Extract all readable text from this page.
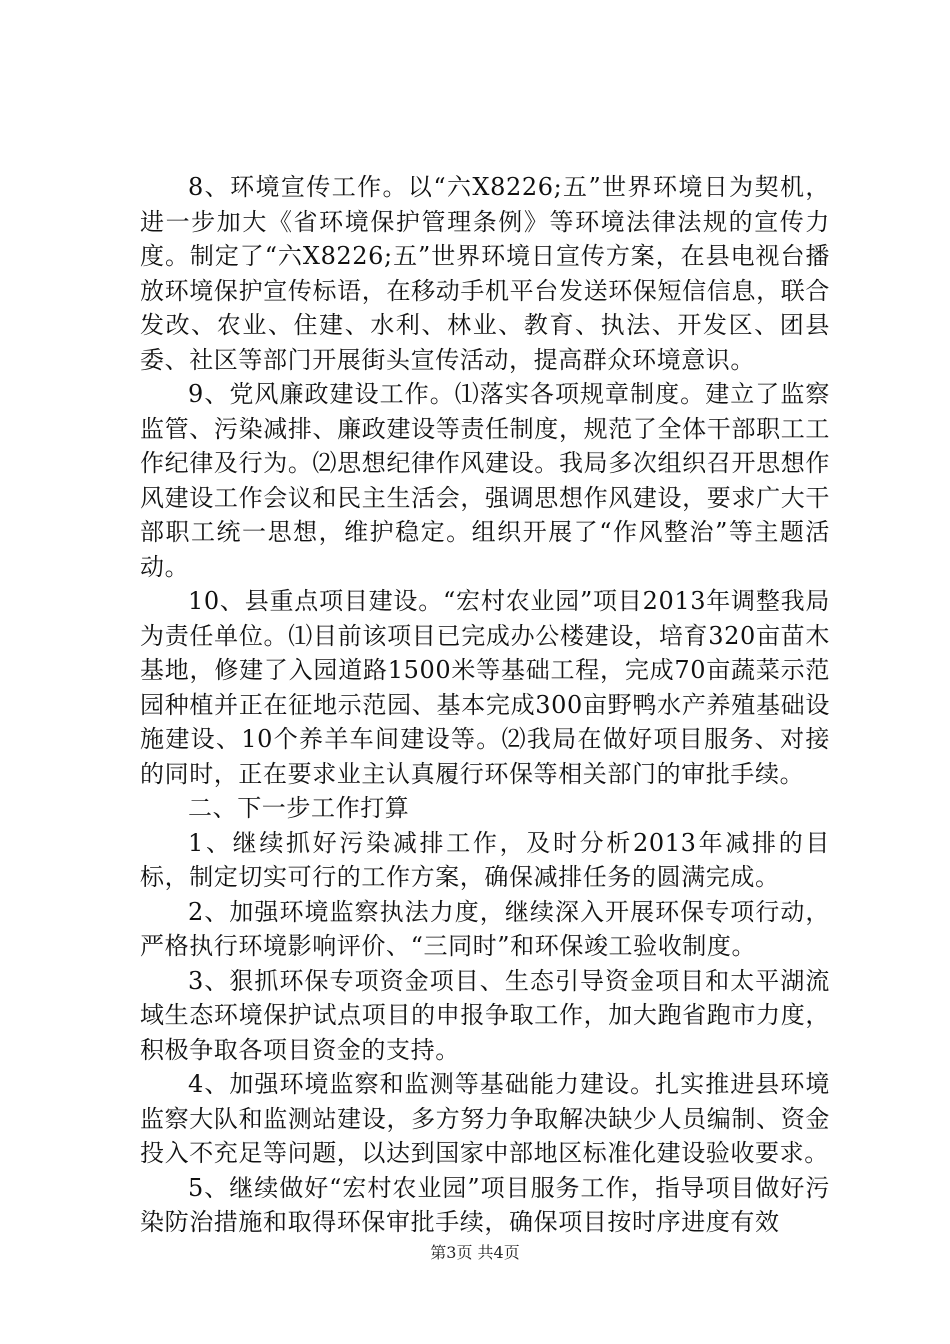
8、环境宣传工作。以“六X8226;五”世界环境日为契机，进一步加大《省环境保护管理条例》等环境法律法规的宣传力度。制定了“六X8226;五”世界环境日宣传方案，在县电视台播放环境保护宣传标语，在移动手机平台发送环保短信信息，联合发改、农业、住建、水利、林业、教育、执法、开发区、团县委、社区等部门开展街头宣传活动，提高群众环境意识。

9、党风廉政建设工作。⑴落实各项规章制度。建立了监察监管、污染减排、廉政建设等责任制度，规范了全体干部职工工作纪律及行为。⑵思想纪律作风建设。我局多次组织召开思想作风建设工作会议和民主生活会，强调思想作风建设，要求广大干部职工统一思想，维护稳定。组织开展了“作风整治”等主题活动。

10、县重点项目建设。“宏村农业园”项目2013年调整我局为责任单位。⑴目前该项目已完成办公楼建设，培育320亩苗木基地，修建了入园道路1500米等基础工程，完成70亩蔬菜示范园种植并正在征地示范园、基本完成300亩野鸭水产养殖基础设施建设、10个养羊车间建设等。⑵我局在做好项目服务、对接的同时，正在要求业主认真履行环保等相关部门的审批手续。

二、下一步工作打算

1、继续抓好污染减排工作，及时分析2013年减排的目标，制定切实可行的工作方案，确保减排任务的圆满完成。

2、加强环境监察执法力度，继续深入开展环保专项行动，严格执行环境影响评价、“三同时”和环保竣工验收制度。

3、狠抓环保专项资金项目、生态引导资金项目和太平湖流域生态环境保护试点项目的申报争取工作，加大跑省跑市力度，积极争取各项目资金的支持。

4、加强环境监察和监测等基础能力建设。扎实推进县环境监察大队和监测站建设，多方努力争取解决缺少人员编制、资金投入不充足等问题，以达到国家中部地区标准化建设验收要求。

5、继续做好“宏村农业园”项目服务工作，指导项目做好污染防治措施和取得环保审批手续，确保项目按时序进度有效

第3页 共4页
